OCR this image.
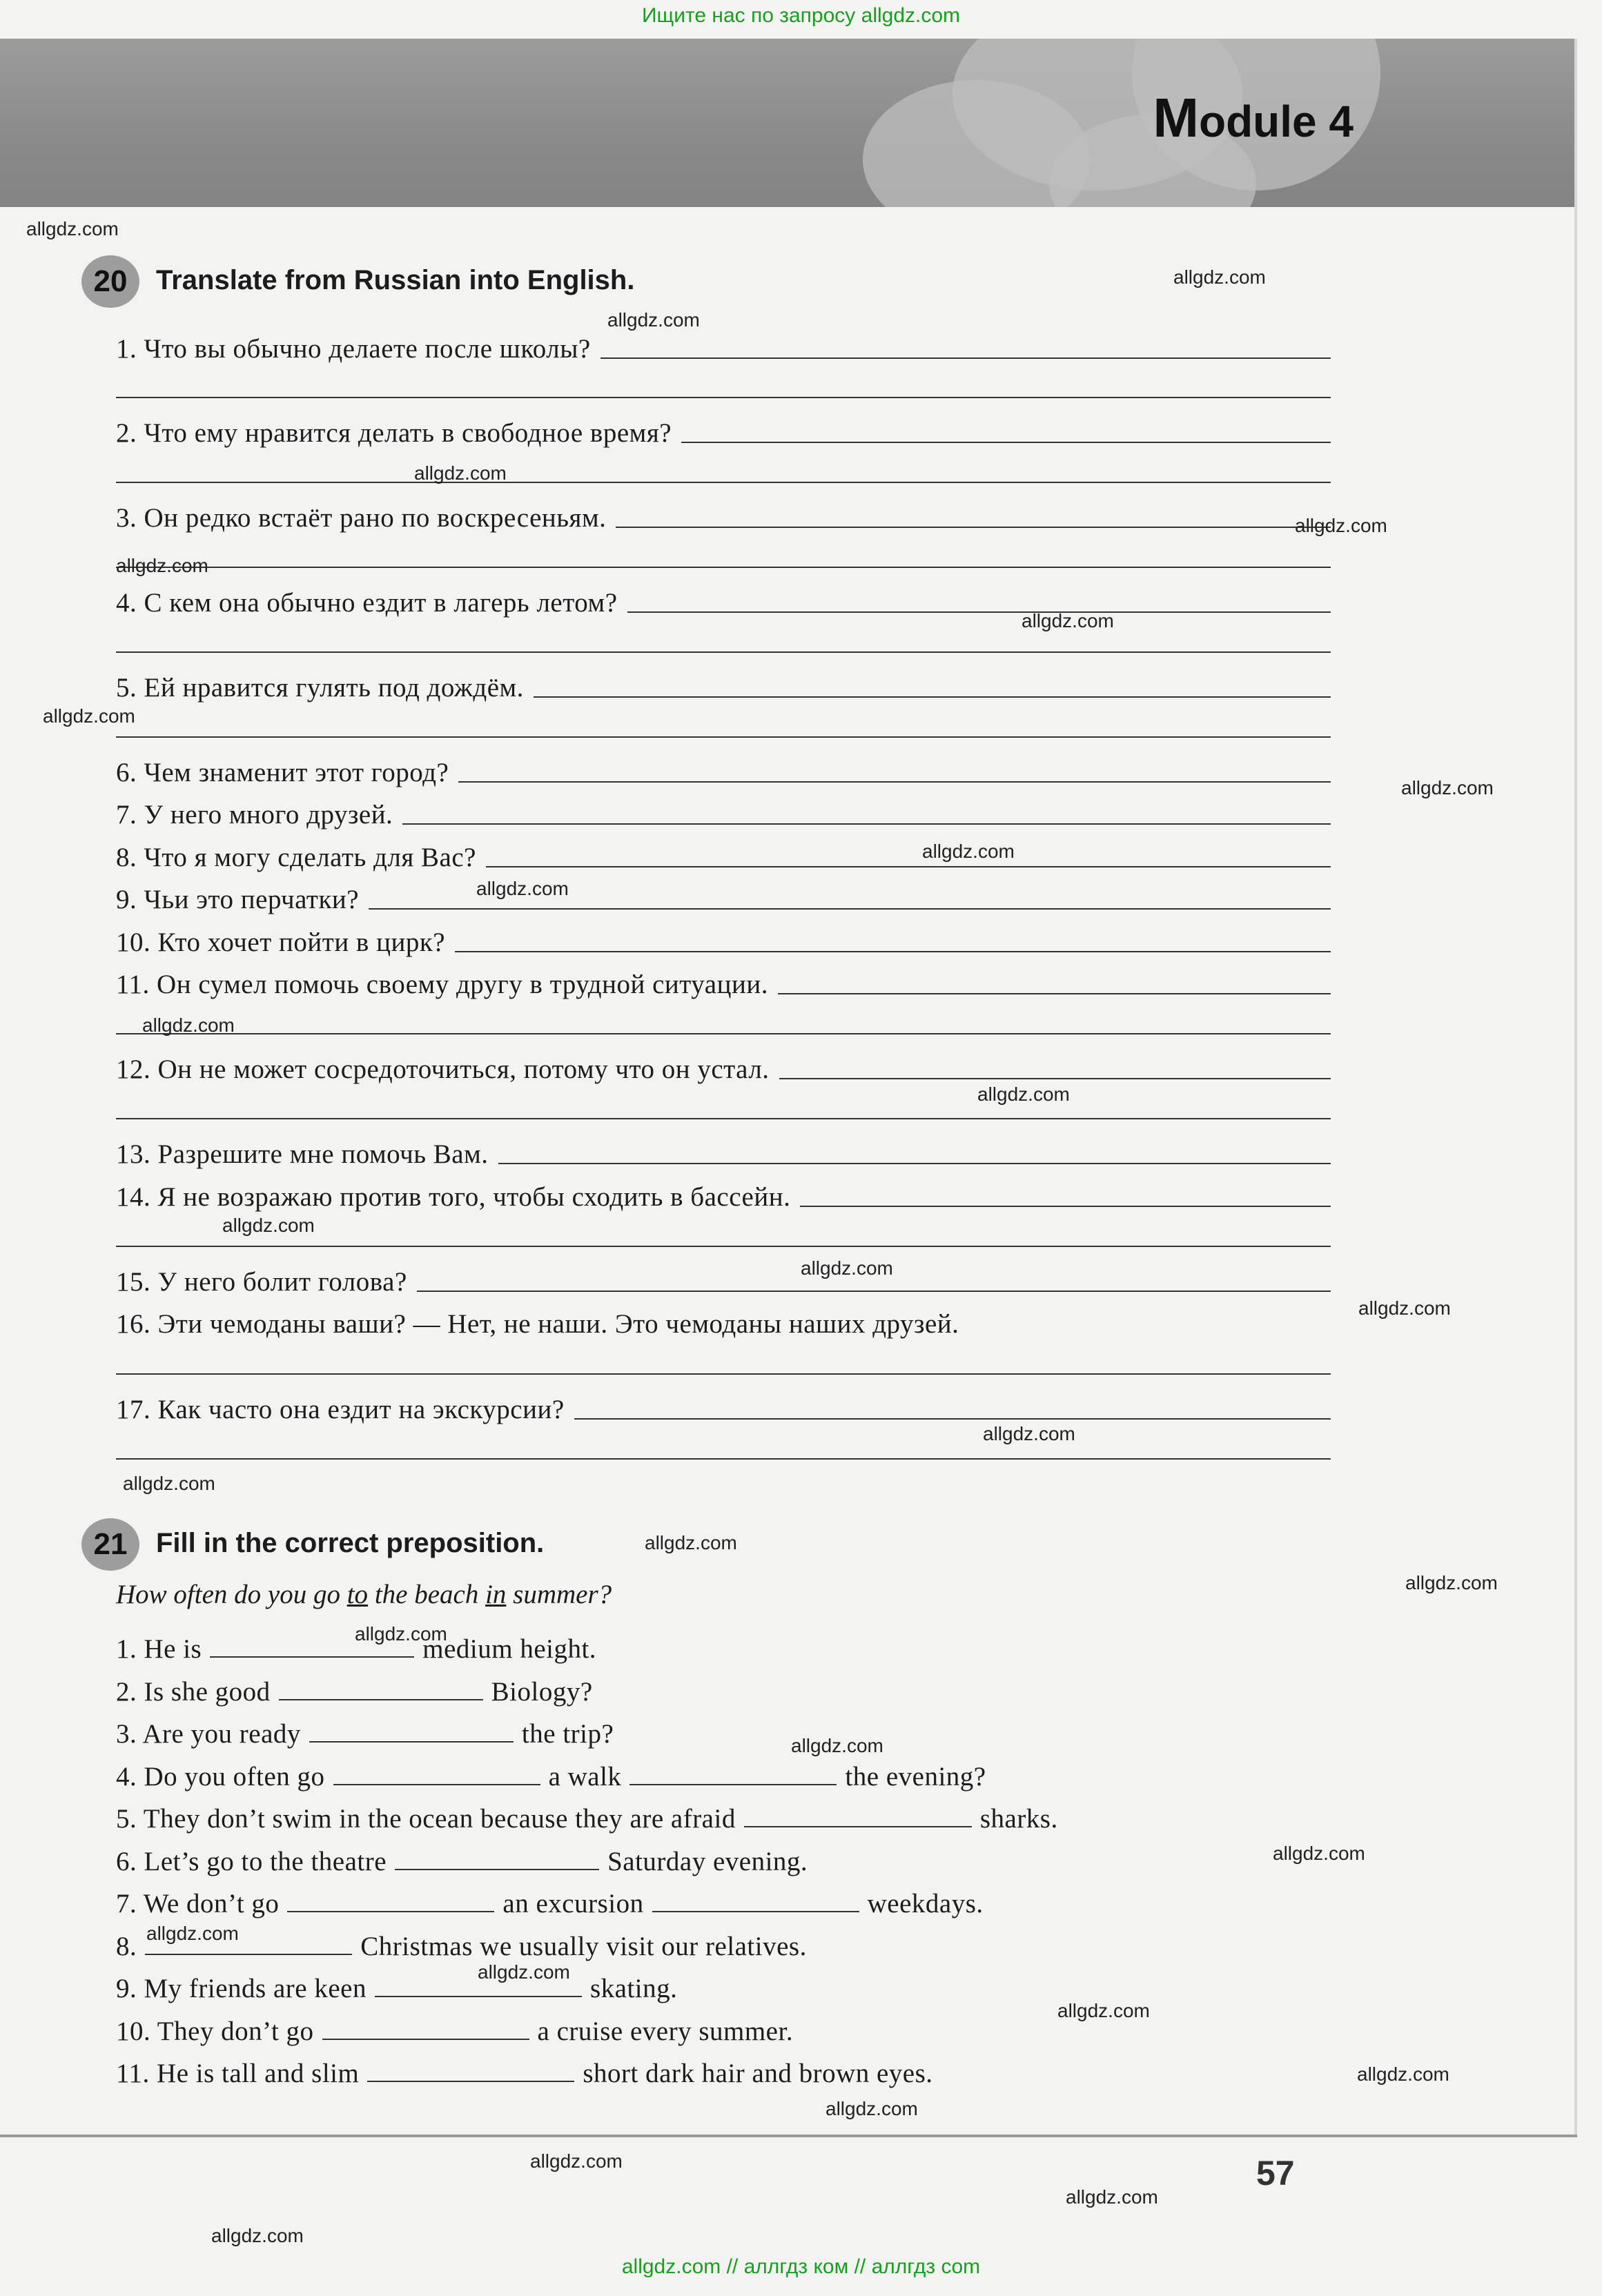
Ищите нас по запросу allgdz.com
Module 4
20	Translate from Russian into English.
1. Что вы обычно делаете после школы?
2. Что ему нравится делать в свободное время?
3. Он редко встаёт рано по воскресеньям.
4. С кем она обычно ездит в лагерь летом?
5. Ей нравится гулять под дождём.
6. Чем знаменит этот город?
7. У него много друзей.
8. Что я могу сделать для Вас?
9. Чьи это перчатки?
10. Кто хочет пойти в цирк?
11. Он сумел помочь своему другу в трудной ситуации.
12. Он не может сосредоточиться, потому что он устал.
13. Разрешите мне помочь Вам.
14. Я не возражаю против того, чтобы сходить в бассейн.
15. У него болит голова?
16. Эти чемоданы ваши? — Нет, не наши. Это чемоданы наших друзей.
17. Как часто она ездит на экскурсии?
21	Fill in the correct preposition.
How often do you go to the beach in summer?
1. He is	medium height.
2. Is she good	Biology?
3. Are you ready	the trip?
4. Do you often go	a walk	the evening?
5. They don’t swim in the ocean because they are afraid	sharks.
6. Let’s go to the theatre	Saturday evening.
7. We don’t go	an excursion	weekdays.
8.	Christmas we usually visit our relatives.
9. My friends are keen	skating.
10. They don’t go	a cruise every summer.
11. He is tall and slim	short dark hair and brown eyes.
allgdz.com
allgdz.com
allgdz.com
allgdz.com
allgdz.com
allgdz.com
allgdz.com
allgdz.com
allgdz.com
allgdz.com
allgdz.com
allgdz.com
allgdz.com
allgdz.com
allgdz.com
allgdz.com
allgdz.com
allgdz.com
allgdz.com
allgdz.com
allgdz.com
allgdz.com
allgdz.com
allgdz.com
allgdz.com
allgdz.com
allgdz.com
allgdz.com
allgdz.com
allgdz.com
allgdz.com
57
allgdz.com // аллгдз ком // аллгдз com
